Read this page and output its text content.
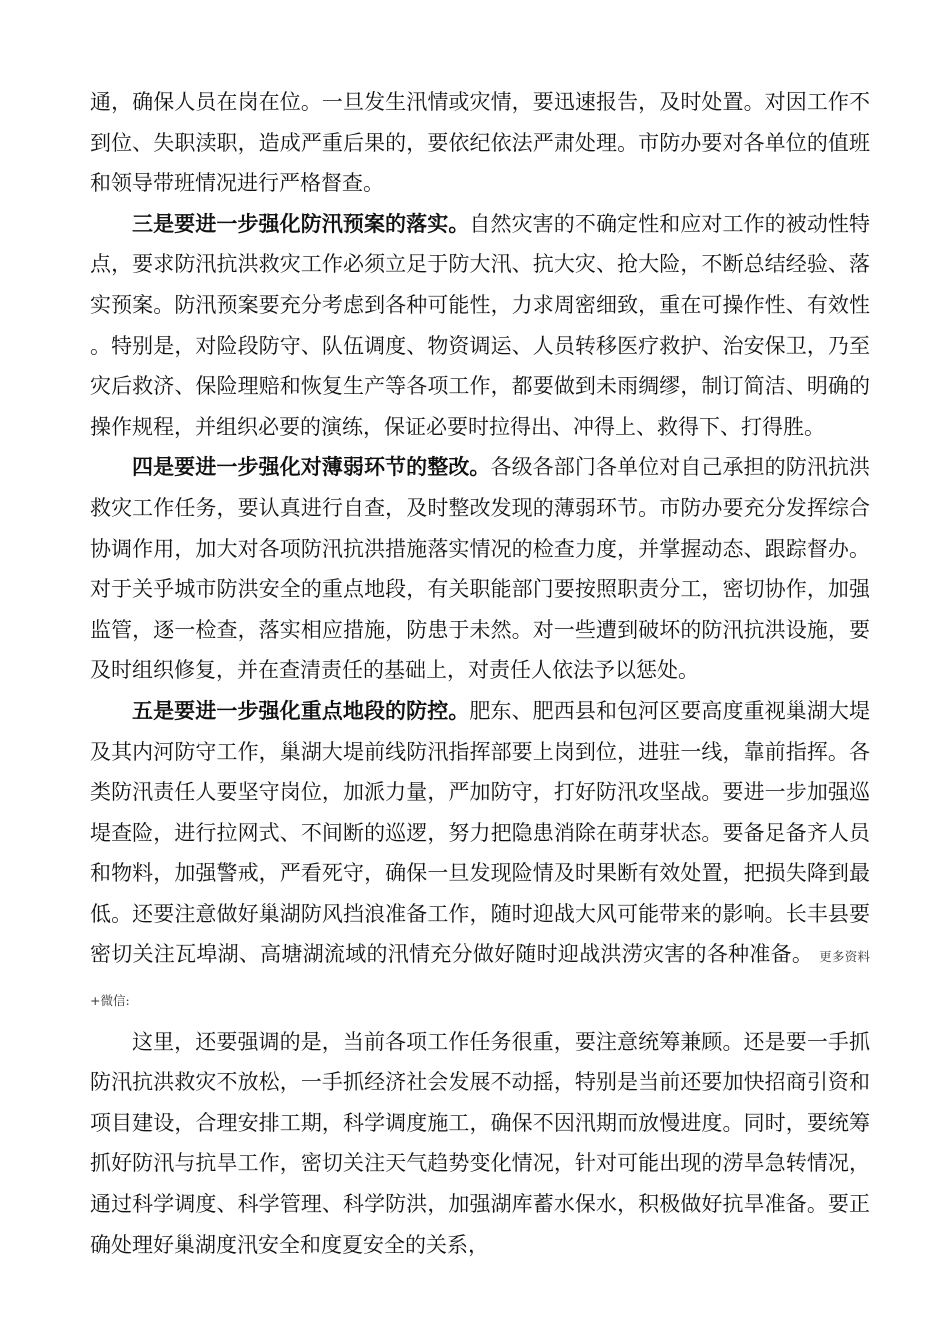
通，确保人员在岗在位。一旦发生汛情或灾情，要迅速报告，及时处置。对因工作不到位、失职渎职，造成严重后果的，要依纪依法严肃处理。市防办要对各单位的值班和领导带班情况进行严格督查。

三是要进一步强化防汛预案的落实。自然灾害的不确定性和应对工作的被动性特点，要求防汛抗洪救灾工作必须立足于防大汛、抗大灾、抢大险，不断总结经验、落实预案。防汛预案要充分考虑到各种可能性，力求周密细致，重在可操作性、有效性。特别是，对险段防守、队伍调度、物资调运、人员转移医疗救护、治安保卫，乃至灾后救济、保险理赔和恢复生产等各项工作，都要做到未雨绸缪，制订简洁、明确的操作规程，并组织必要的演练，保证必要时拉得出、冲得上、救得下、打得胜。

四是要进一步强化对薄弱环节的整改。各级各部门各单位对自己承担的防汛抗洪救灾工作任务，要认真进行自查，及时整改发现的薄弱环节。市防办要充分发挥综合协调作用，加大对各项防汛抗洪措施落实情况的检查力度，并掌握动态、跟踪督办。对于关乎城市防洪安全的重点地段，有关职能部门要按照职责分工，密切协作，加强监管，逐一检查，落实相应措施，防患于未然。对一些遭到破坏的防汛抗洪设施，要及时组织修复，并在查清责任的基础上，对责任人依法予以惩处。

五是要进一步强化重点地段的防控。肥东、肥西县和包河区要高度重视巢湖大堤及其内河防守工作，巢湖大堤前线防汛指挥部要上岗到位，进驻一线，靠前指挥。各类防汛责任人要坚守岗位，加派力量，严加防守，打好防汛攻坚战。要进一步加强巡堤查险，进行拉网式、不间断的巡逻，努力把隐患消除在萌芽状态。要备足备齐人员和物料，加强警戒，严看死守，确保一旦发现险情及时果断有效处置，把损失降到最低。还要注意做好巢湖防风挡浪准备工作，随时迎战大风可能带来的影响。长丰县要密切关注瓦埠湖、高塘湖流域的汛情充分做好随时迎战洪涝灾害的各种准备。 更多资料 +微信:

这里，还要强调的是，当前各项工作任务很重，要注意统筹兼顾。还是要一手抓防汛抗洪救灾不放松，一手抓经济社会发展不动摇，特别是当前还要加快招商引资和项目建设，合理安排工期，科学调度施工，确保不因汛期而放慢进度。同时，要统筹抓好防汛与抗旱工作，密切关注天气趋势变化情况，针对可能出现的涝旱急转情况，通过科学调度、科学管理、科学防洪，加强湖库蓄水保水，积极做好抗旱准备。要正确处理好巢湖度汛安全和度夏安全的关系，
